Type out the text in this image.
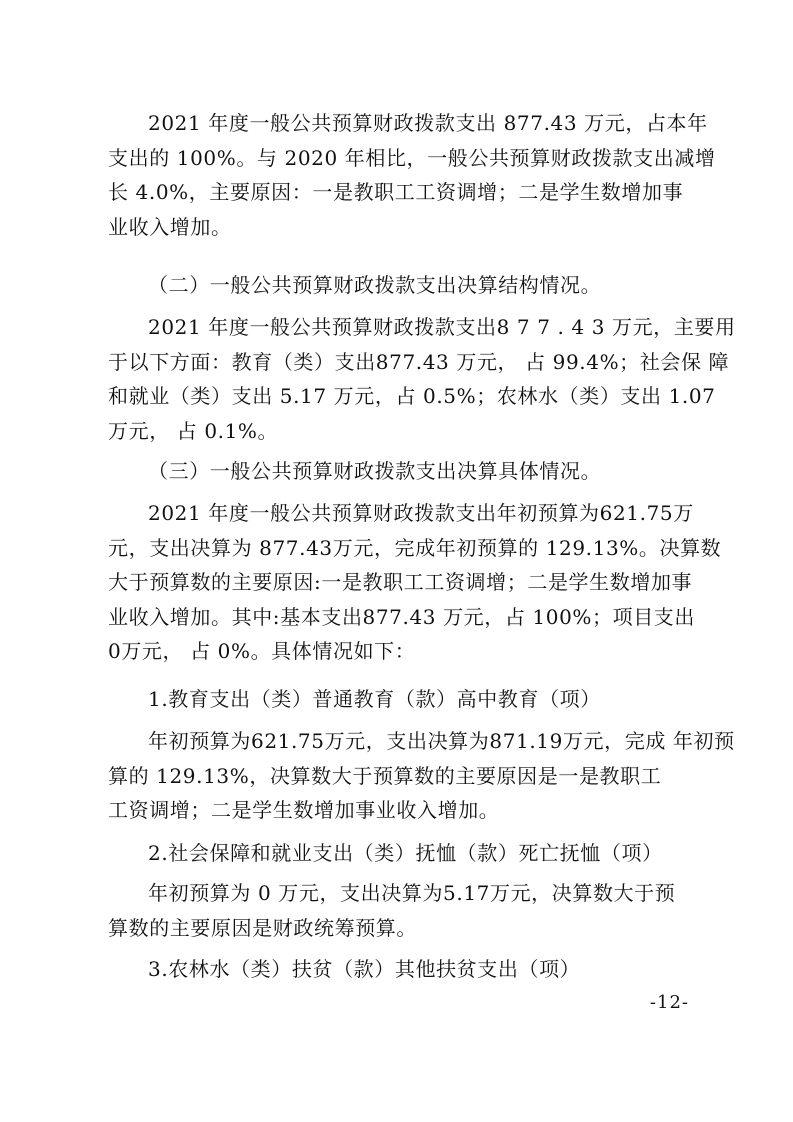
2021 年度一般公共预算财政拨款支出 877.43 万元，占本年
支出的 100%。与 2020 年相比，一般公共预算财政拨款支出减增
长 4.0%，主要原因：一是教职工工资调增；二是学生数增加事
业收入增加。
（二）一般公共预算财政拨款支出决算结构情况。
2021 年度一般公共预算财政拨款支出8 7 7 . 4 3 万元，主要用
于以下方面：教育（类）支出877.43 万元， 占 99.4%；社会保 障
和就业（类）支出 5.17 万元，占 0.5%；农林水（类）支出 1.07
万元， 占 0.1%。
（三）一般公共预算财政拨款支出决算具体情况。
2021 年度一般公共预算财政拨款支出年初预算为621.75万
元，支出决算为 877.43万元，完成年初预算的 129.13%。决算数
大于预算数的主要原因:一是教职工工资调增；二是学生数增加事
业收入增加。其中:基本支出877.43 万元，占 100%；项目支出
0万元， 占 0%。具体情况如下：
1.教育支出（类）普通教育（款）高中教育（项）
年初预算为621.75万元，支出决算为871.19万元，完成 年初预
算的 129.13%，决算数大于预算数的主要原因是一是教职工
工资调增；二是学生数增加事业收入增加。
2.社会保障和就业支出（类）抚恤（款）死亡抚恤（项）
年初预算为 0 万元，支出决算为5.17万元，决算数大于预
算数的主要原因是财政统筹预算。
3.农林水（类）扶贫（款）其他扶贫支出（项）
-12-
